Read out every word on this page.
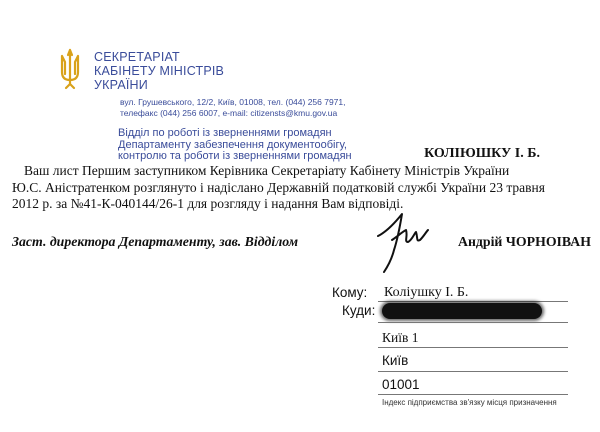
СЕКРЕТАРІАТ
КАБІНЕТУ МІНІСТРІВ
УКРАЇНИ
вул. Грушевського, 12/2, Київ, 01008, тел. (044) 256 7971,
телефакс (044) 256 6007, e-mail: citizensts@kmu.gov.ua
Відділ по роботі із зверненнями громадян
Департаменту забезпечення документообігу,
контролю та роботи із зверненнями громадян	КОЛІЮШКУ І. Б.
Ваш лист Першим заступником Керівника Секретаріату Кабінету Міністрів України
Ю.С. Аністратенком розглянуто і надіслано Державній податковій службі України 23 травня
2012 р. за №41-К-040144/26-1 для розгляду і надання Вам відповіді.
Заст. директора Департаменту, зав. Відділом	Андрій ЧОРНОІВАН
Кому: Коліушку І. Б.
Куди:
Київ 1
Київ
01001
Індекс підприємства зв'язку місця призначення
